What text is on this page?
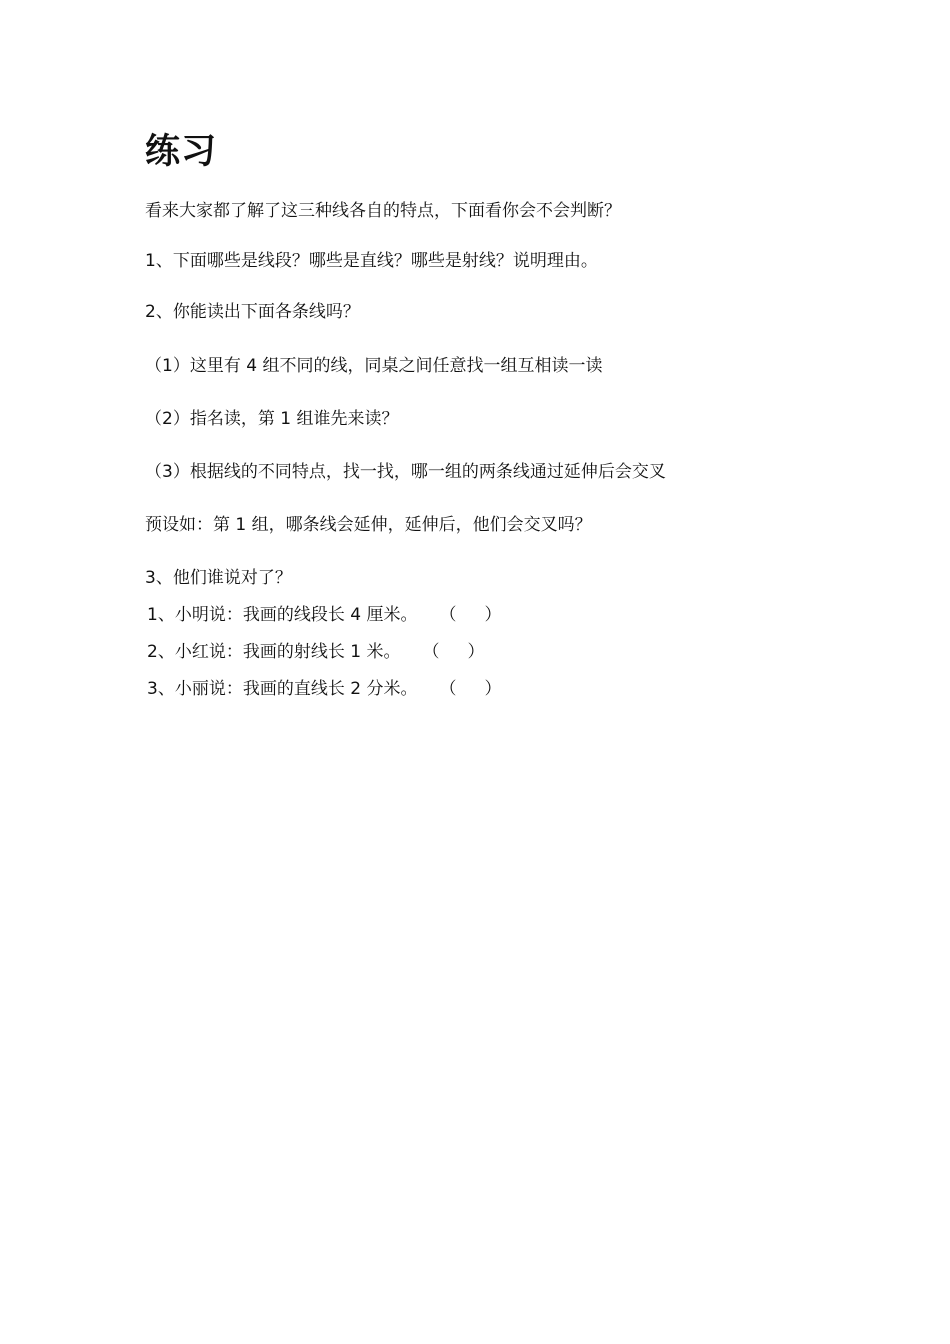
练习
看来大家都了解了这三种线各自的特点，下面看你会不会判断？
1、下面哪些是线段？哪些是直线？哪些是射线？说明理由。
2、你能读出下面各条线吗？
（1）这里有 4 组不同的线，同桌之间任意找一组互相读一读
（2）指名读，第 1 组谁先来读？
（3）根据线的不同特点，找一找，哪一组的两条线通过延伸后会交叉
预设如：第 1 组，哪条线会延伸，延伸后，他们会交叉吗？
3、他们谁说对了？
1、小明说：我画的线段长 4 厘米。 （ ）
2、小红说：我画的射线长 1 米。 （ ）
3、小丽说：我画的直线长 2 分米。 （ ）
